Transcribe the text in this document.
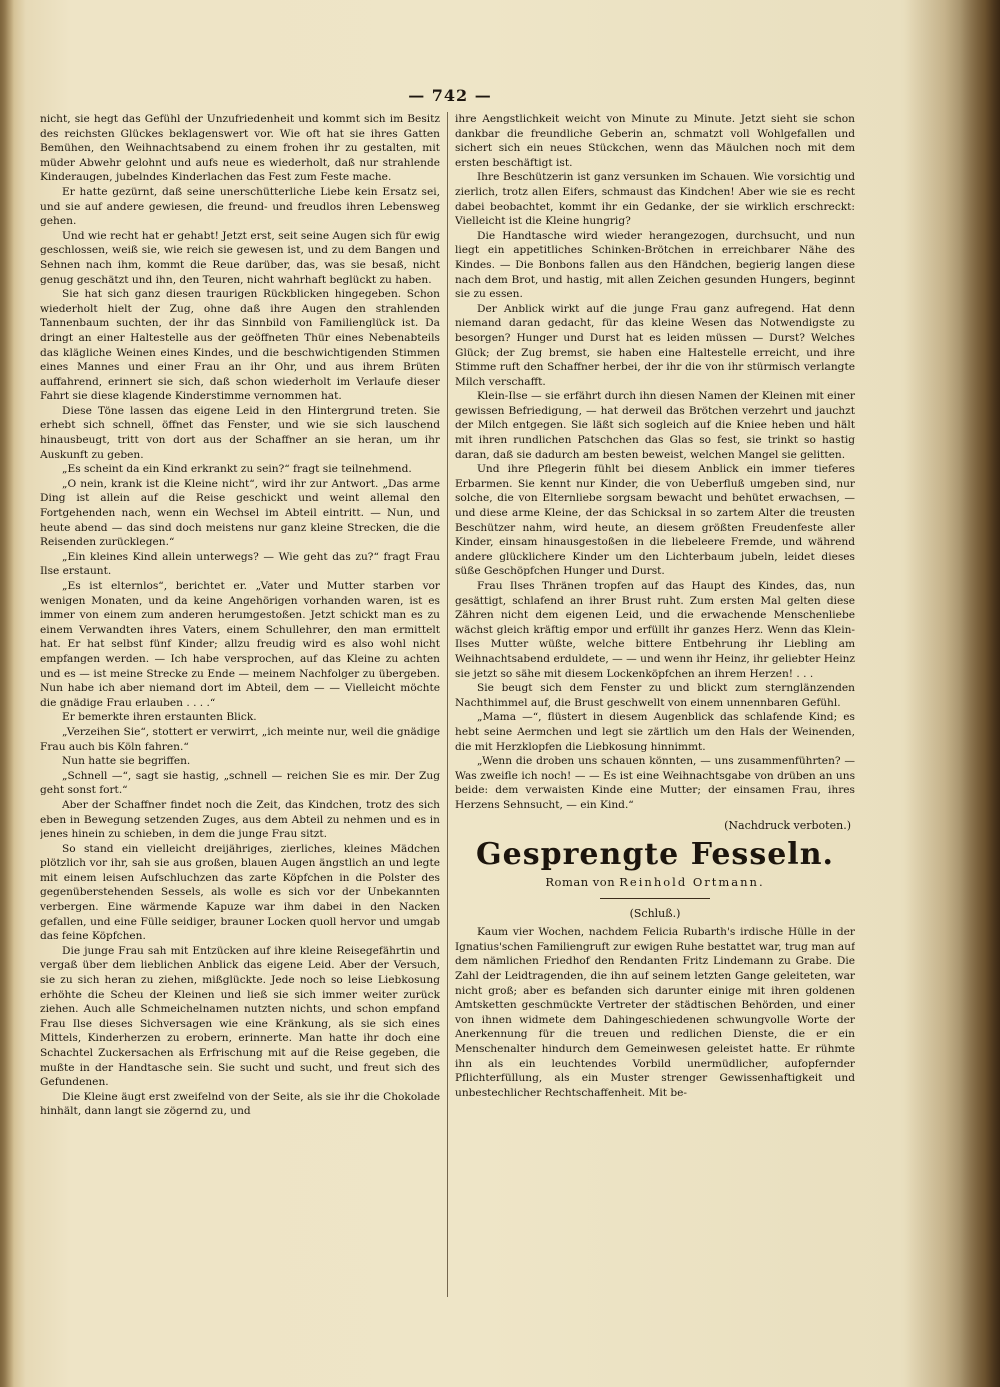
— 742 —

nicht, sie hegt das Gefühl der Unzufriedenheit und kommt sich im Besitz des reichsten Glückes beklagenswert vor. Wie oft hat sie ihres Gatten Bemühen, den Weihnachtsabend zu einem frohen ihr zu gestalten, mit müder Abwehr gelohnt und aufs neue es wiederholt, daß nur strahlende Kinderaugen, jubelndes Kinderlachen das Fest zum Feste mache.

Er hatte gezürnt, daß seine unerschütterliche Liebe kein Ersatz sei, und sie auf andere gewiesen, die freund- und freudlos ihren Lebensweg gehen.

Und wie recht hat er gehabt! Jetzt erst, seit seine Augen sich für ewig geschlossen, weiß sie, wie reich sie gewesen ist, und zu dem Bangen und Sehnen nach ihm, kommt die Reue darüber, das, was sie besaß, nicht genug geschätzt und ihn, den Teuren, nicht wahrhaft beglückt zu haben.

Sie hat sich ganz diesen traurigen Rückblicken hingegeben. Schon wiederholt hielt der Zug, ohne daß ihre Augen den strahlenden Tannenbaum suchten, der ihr das Sinnbild von Familienglück ist. Da dringt an einer Haltestelle aus der geöffneten Thür eines Nebenabteils das klägliche Weinen eines Kindes, und die beschwichtigenden Stimmen eines Mannes und einer Frau an ihr Ohr, und aus ihrem Brüten auffahrend, erinnert sie sich, daß schon wiederholt im Verlaufe dieser Fahrt sie diese klagende Kinderstimme vernommen hat.

Diese Töne lassen das eigene Leid in den Hintergrund treten. Sie erhebt sich schnell, öffnet das Fenster, und wie sie sich lauschend hinausbeugt, tritt von dort aus der Schaffner an sie heran, um ihr Auskunft zu geben.

„Es scheint da ein Kind erkrankt zu sein?“ fragt sie teilnehmend.

„O nein, krank ist die Kleine nicht“, wird ihr zur Antwort. „Das arme Ding ist allein auf die Reise geschickt und weint allemal den Fortgehenden nach, wenn ein Wechsel im Abteil eintritt. — Nun, und heute abend — das sind doch meistens nur ganz kleine Strecken, die die Reisenden zurücklegen.“

„Ein kleines Kind allein unterwegs? — Wie geht das zu?“ fragt Frau Ilse erstaunt.

„Es ist elternlos“, berichtet er. „Vater und Mutter starben vor wenigen Monaten, und da keine Angehörigen vorhanden waren, ist es immer von einem zum anderen herumgestoßen. Jetzt schickt man es zu einem Verwandten ihres Vaters, einem Schullehrer, den man ermittelt hat. Er hat selbst fünf Kinder; allzu freudig wird es also wohl nicht empfangen werden. — Ich habe versprochen, auf das Kleine zu achten und es — ist meine Strecke zu Ende — meinem Nachfolger zu übergeben. Nun habe ich aber niemand dort im Abteil, dem — — Vielleicht möchte die gnädige Frau erlauben . . . .“

Er bemerkte ihren erstaunten Blick.

„Verzeihen Sie“, stottert er verwirrt, „ich meinte nur, weil die gnädige Frau auch bis Köln fahren.“

Nun hatte sie begriffen.

„Schnell —“, sagt sie hastig, „schnell — reichen Sie es mir. Der Zug geht sonst fort.“

Aber der Schaffner findet noch die Zeit, das Kindchen, trotz des sich eben in Bewegung setzenden Zuges, aus dem Abteil zu nehmen und es in jenes hinein zu schieben, in dem die junge Frau sitzt.

So stand ein vielleicht dreijähriges, zierliches, kleines Mädchen plötzlich vor ihr, sah sie aus großen, blauen Augen ängstlich an und legte mit einem leisen Aufschluchzen das zarte Köpfchen in die Polster des gegenüberstehenden Sessels, als wolle es sich vor der Unbekannten verbergen. Eine wärmende Kapuze war ihm dabei in den Nacken gefallen, und eine Fülle seidiger, brauner Locken quoll hervor und umgab das feine Köpfchen.

Die junge Frau sah mit Entzücken auf ihre kleine Reisegefährtin und vergaß über dem lieblichen Anblick das eigene Leid. Aber der Versuch, sie zu sich heran zu ziehen, mißglückte. Jede noch so leise Liebkosung erhöhte die Scheu der Kleinen und ließ sie sich immer weiter zurück ziehen. Auch alle Schmeichelnamen nutzten nichts, und schon empfand Frau Ilse dieses Sichversagen wie eine Kränkung, als sie sich eines Mittels, Kinderherzen zu erobern, erinnerte. Man hatte ihr doch eine Schachtel Zuckersachen als Erfrischung mit auf die Reise gegeben, die mußte in der Handtasche sein. Sie sucht und sucht, und freut sich des Gefundenen.

Die Kleine äugt erst zweifelnd von der Seite, als sie ihr die Chokolade hinhält, dann langt sie zögernd zu, und

ihre Aengstlichkeit weicht von Minute zu Minute. Jetzt sieht sie schon dankbar die freundliche Geberin an, schmatzt voll Wohlgefallen und sichert sich ein neues Stückchen, wenn das Mäulchen noch mit dem ersten beschäftigt ist.

Ihre Beschützerin ist ganz versunken im Schauen. Wie vorsichtig und zierlich, trotz allen Eifers, schmaust das Kindchen! Aber wie sie es recht dabei beobachtet, kommt ihr ein Gedanke, der sie wirklich erschreckt: Vielleicht ist die Kleine hungrig?

Die Handtasche wird wieder herangezogen, durchsucht, und nun liegt ein appetitliches Schinken-Brötchen in erreichbarer Nähe des Kindes. — Die Bonbons fallen aus den Händchen, begierig langen diese nach dem Brot, und hastig, mit allen Zeichen gesunden Hungers, beginnt sie zu essen.

Der Anblick wirkt auf die junge Frau ganz aufregend. Hat denn niemand daran gedacht, für das kleine Wesen das Notwendigste zu besorgen? Hunger und Durst hat es leiden müssen — Durst? Welches Glück; der Zug bremst, sie haben eine Haltestelle erreicht, und ihre Stimme ruft den Schaffner herbei, der ihr die von ihr stürmisch verlangte Milch verschafft.

Klein-Ilse — sie erfährt durch ihn diesen Namen der Kleinen mit einer gewissen Befriedigung, — hat derweil das Brötchen verzehrt und jauchzt der Milch entgegen. Sie läßt sich sogleich auf die Kniee heben und hält mit ihren rundlichen Patschchen das Glas so fest, sie trinkt so hastig daran, daß sie dadurch am besten beweist, welchen Mangel sie gelitten.

Und ihre Pflegerin fühlt bei diesem Anblick ein immer tieferes Erbarmen. Sie kennt nur Kinder, die von Ueberfluß umgeben sind, nur solche, die von Elternliebe sorgsam bewacht und behütet erwachsen, — und diese arme Kleine, der das Schicksal in so zartem Alter die treusten Beschützer nahm, wird heute, an diesem größten Freudenfeste aller Kinder, einsam hinausgestoßen in die liebeleere Fremde, und während andere glücklichere Kinder um den Lichterbaum jubeln, leidet dieses süße Geschöpfchen Hunger und Durst.

Frau Ilses Thränen tropfen auf das Haupt des Kindes, das, nun gesättigt, schlafend an ihrer Brust ruht. Zum ersten Mal gelten diese Zähren nicht dem eigenen Leid, und die erwachende Menschenliebe wächst gleich kräftig empor und erfüllt ihr ganzes Herz. Wenn das Klein-Ilses Mutter wüßte, welche bittere Entbehrung ihr Liebling am Weihnachtsabend erduldete, — — und wenn ihr Heinz, ihr geliebter Heinz sie jetzt so sähe mit diesem Lockenköpfchen an ihrem Herzen! . . .

Sie beugt sich dem Fenster zu und blickt zum sternglänzenden Nachthimmel auf, die Brust geschwellt von einem unnennbaren Gefühl.

„Mama —“, flüstert in diesem Augenblick das schlafende Kind; es hebt seine Aermchen und legt sie zärtlich um den Hals der Weinenden, die mit Herzklopfen die Liebkosung hinnimmt.

„Wenn die droben uns schauen könnten, — uns zusammenführten? — Was zweifle ich noch! — — Es ist eine Weihnachtsgabe von drüben an uns beide: dem verwaisten Kinde eine Mutter; der einsamen Frau, ihres Herzens Sehnsucht, — ein Kind.“

(Nachdruck verboten.)
Gesprengte Fesseln.
Roman von Reinhold Ortmann.
(Schluß.)

Kaum vier Wochen, nachdem Felicia Rubarth's irdische Hülle in der Ignatius'schen Familiengruft zur ewigen Ruhe bestattet war, trug man auf dem nämlichen Friedhof den Rendanten Fritz Lindemann zu Grabe. Die Zahl der Leidtragenden, die ihn auf seinem letzten Gange geleiteten, war nicht groß; aber es befanden sich darunter einige mit ihren goldenen Amtsketten geschmückte Vertreter der städtischen Behörden, und einer von ihnen widmete dem Dahingeschiedenen schwungvolle Worte der Anerkennung für die treuen und redlichen Dienste, die er ein Menschenalter hindurch dem Gemeinwesen geleistet hatte. Er rühmte ihn als ein leuchtendes Vorbild unermüdlicher, aufopfernder Pflichterfüllung, als ein Muster strenger Gewissenhaftigkeit und unbestechlicher Rechtschaffenheit. Mit be-
